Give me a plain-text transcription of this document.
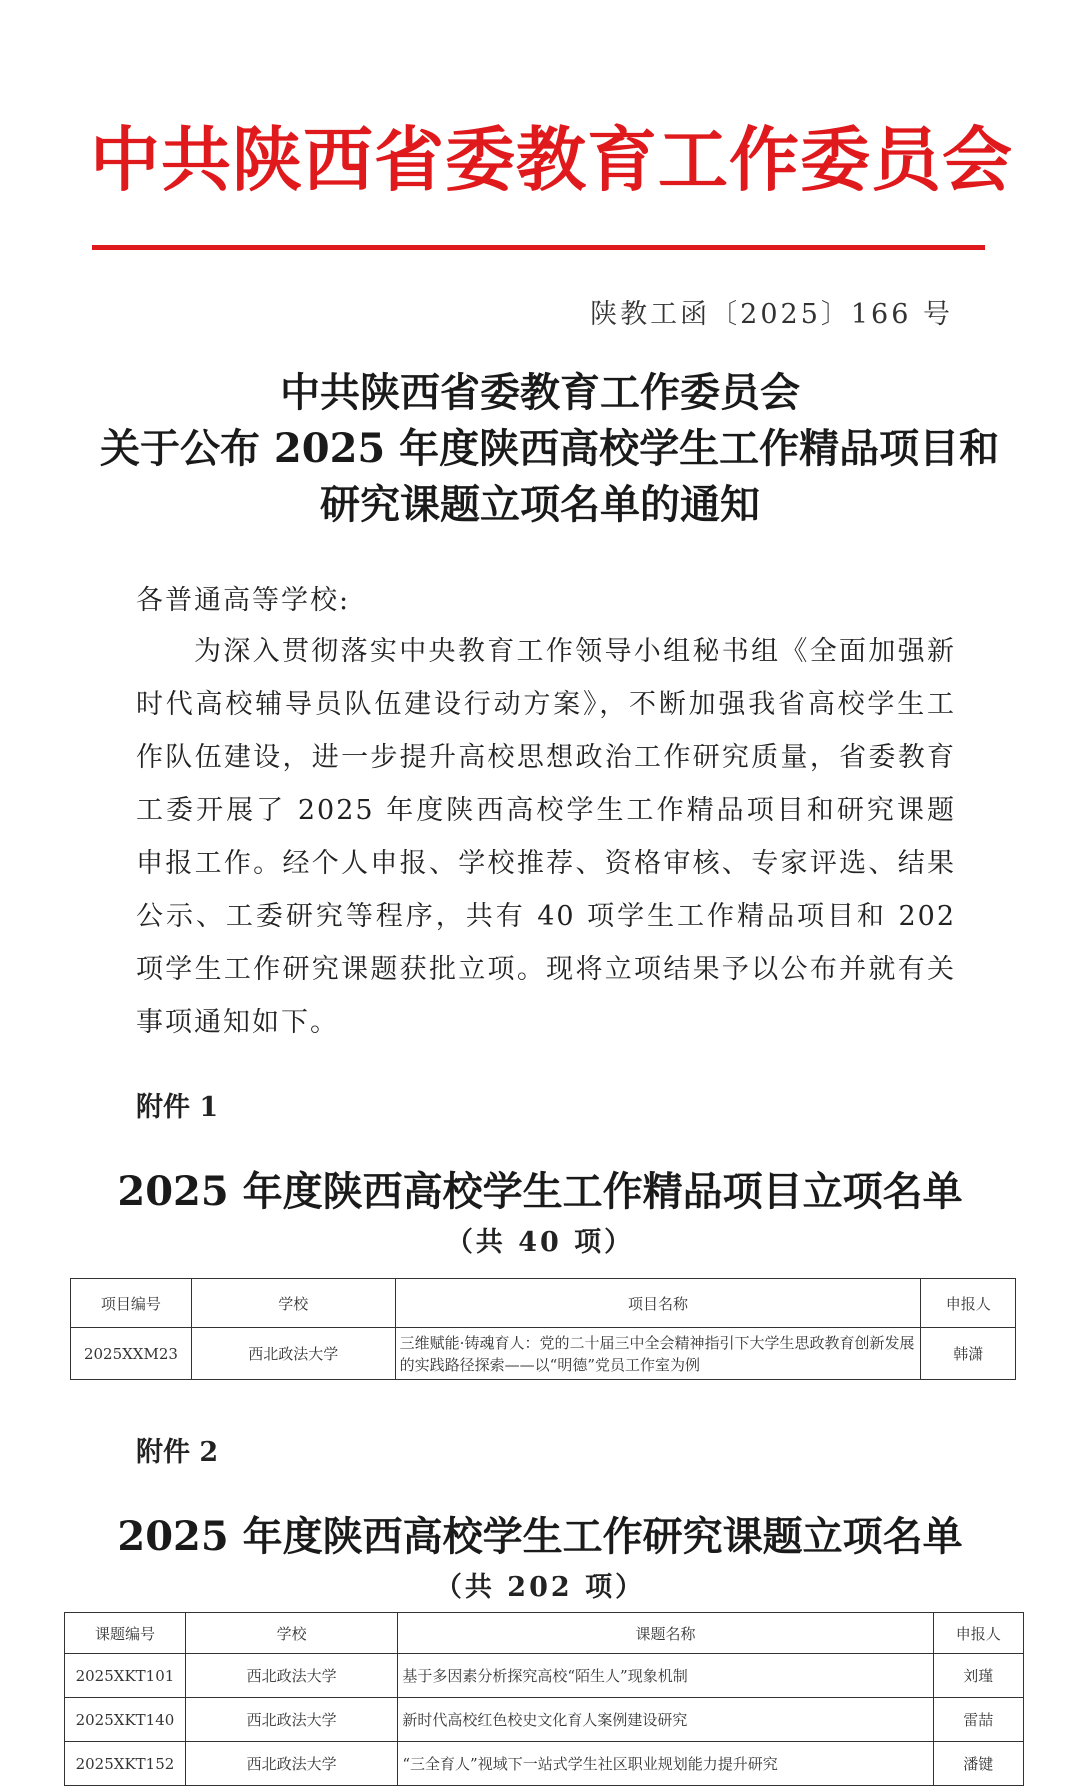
中共陕西省委教育工作委员会
陕教工函〔2025〕166 号
中共陕西省委教育工作委员会
关于公布 2025 年度陕西高校学生工作精品项目和
研究课题立项名单的通知
各普通高等学校:
为深入贯彻落实中央教育工作领导小组秘书组《全面加强新时代高校辅导员队伍建设行动方案》，不断加强我省高校学生工作队伍建设，进一步提升高校思想政治工作研究质量，省委教育工委开展了 2025 年度陕西高校学生工作精品项目和研究课题申报工作。经个人申报、学校推荐、资格审核、专家评选、结果公示、工委研究等程序，共有 40 项学生工作精品项目和 202 项学生工作研究课题获批立项。现将立项结果予以公布并就有关事项通知如下。
附件 1
2025 年度陕西高校学生工作精品项目立项名单
（共 40 项）
项目编号	学校	项目名称	申报人
2025XXM23	西北政法大学	三维赋能·铸魂育人：党的二十届三中全会精神指引下大学生思政教育创新发展的实践路径探索——以“明德”党员工作室为例	韩潇
附件 2
2025 年度陕西高校学生工作研究课题立项名单
（共 202 项）
课题编号	学校	课题名称	申报人
2025XKT101	西北政法大学	基于多因素分析探究高校“陌生人”现象机制	刘瑾
2025XKT140	西北政法大学	新时代高校红色校史文化育人案例建设研究	雷喆
2025XKT152	西北政法大学	“三全育人”视域下一站式学生社区职业规划能力提升研究	潘键
